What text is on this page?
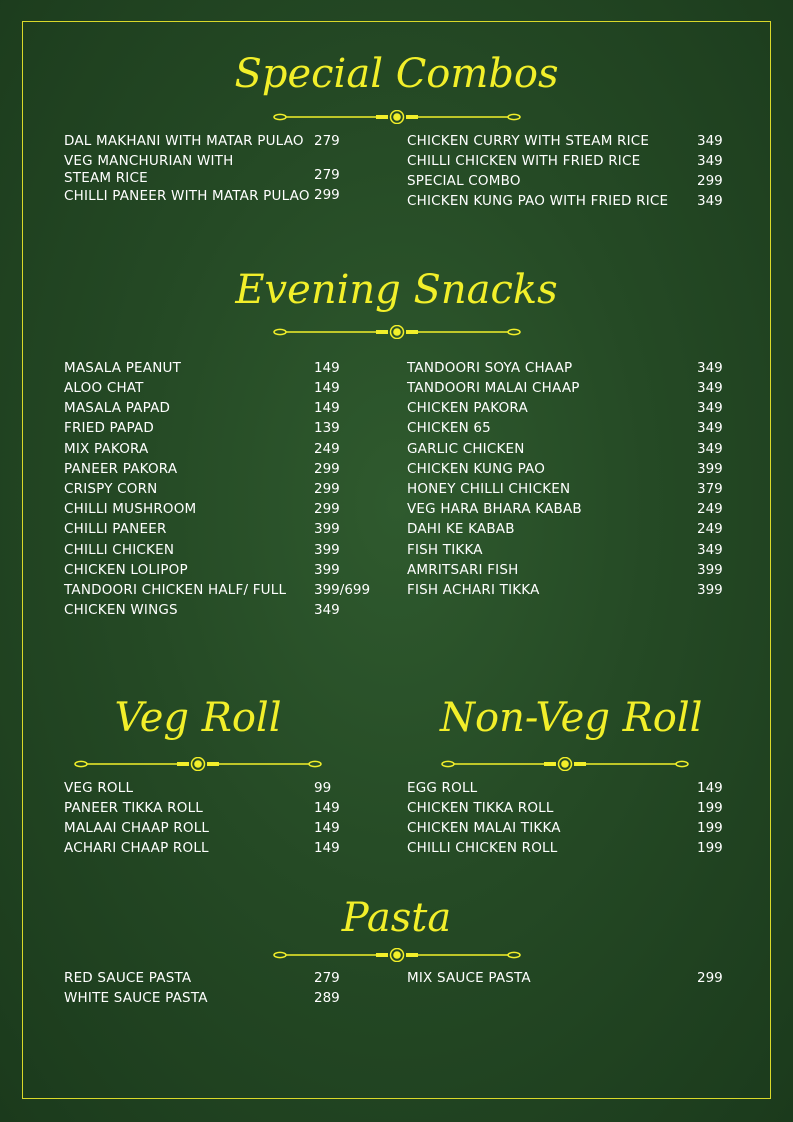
Special Combos
Evening Snacks
Veg Roll	Non-Veg Roll
Pasta
DAL MAKHANI WITH MATAR PULAO 279
VEG MANCHURIAN WITH
STEAM RICE	279
CHILLI PANEER WITH MATAR PULAO 299
CHICKEN CURRY WITH STEAM RICE	349
CHILLI CHICKEN WITH FRIED RICE	349
SPECIAL COMBO	299
CHICKEN KUNG PAO WITH FRIED RICE 349
MASALA PEANUT	149
ALOO CHAT	149
MASALA PAPAD	149
FRIED PAPAD	139
MIX PAKORA	249
PANEER PAKORA	299
CRISPY CORN	299
CHILLI MUSHROOM	299
CHILLI PANEER	399
CHILLI CHICKEN	399
CHICKEN LOLIPOP	399
TANDOORI CHICKEN HALF/ FULL 399/699
CHICKEN WINGS	349
TANDOORI SOYA CHAAP	349
TANDOORI MALAI CHAAP	349
CHICKEN PAKORA	349
CHICKEN 65	349
GARLIC CHICKEN	349
CHICKEN KUNG PAO	399
HONEY CHILLI CHICKEN	379
VEG HARA BHARA KABAB	249
DAHI KE KABAB	249
FISH TIKKA	349
AMRITSARI FISH	399
FISH ACHARI TIKKA	399
VEG ROLL	99
PANEER TIKKA ROLL	149
MALAAI CHAAP ROLL	149
ACHARI CHAAP ROLL	149
EGG ROLL	149
CHICKEN TIKKA ROLL	199
CHICKEN MALAI TIKKA	199
CHILLI CHICKEN ROLL	199
RED SAUCE PASTA	279
WHITE SAUCE PASTA	289
MIX SAUCE PASTA	299
